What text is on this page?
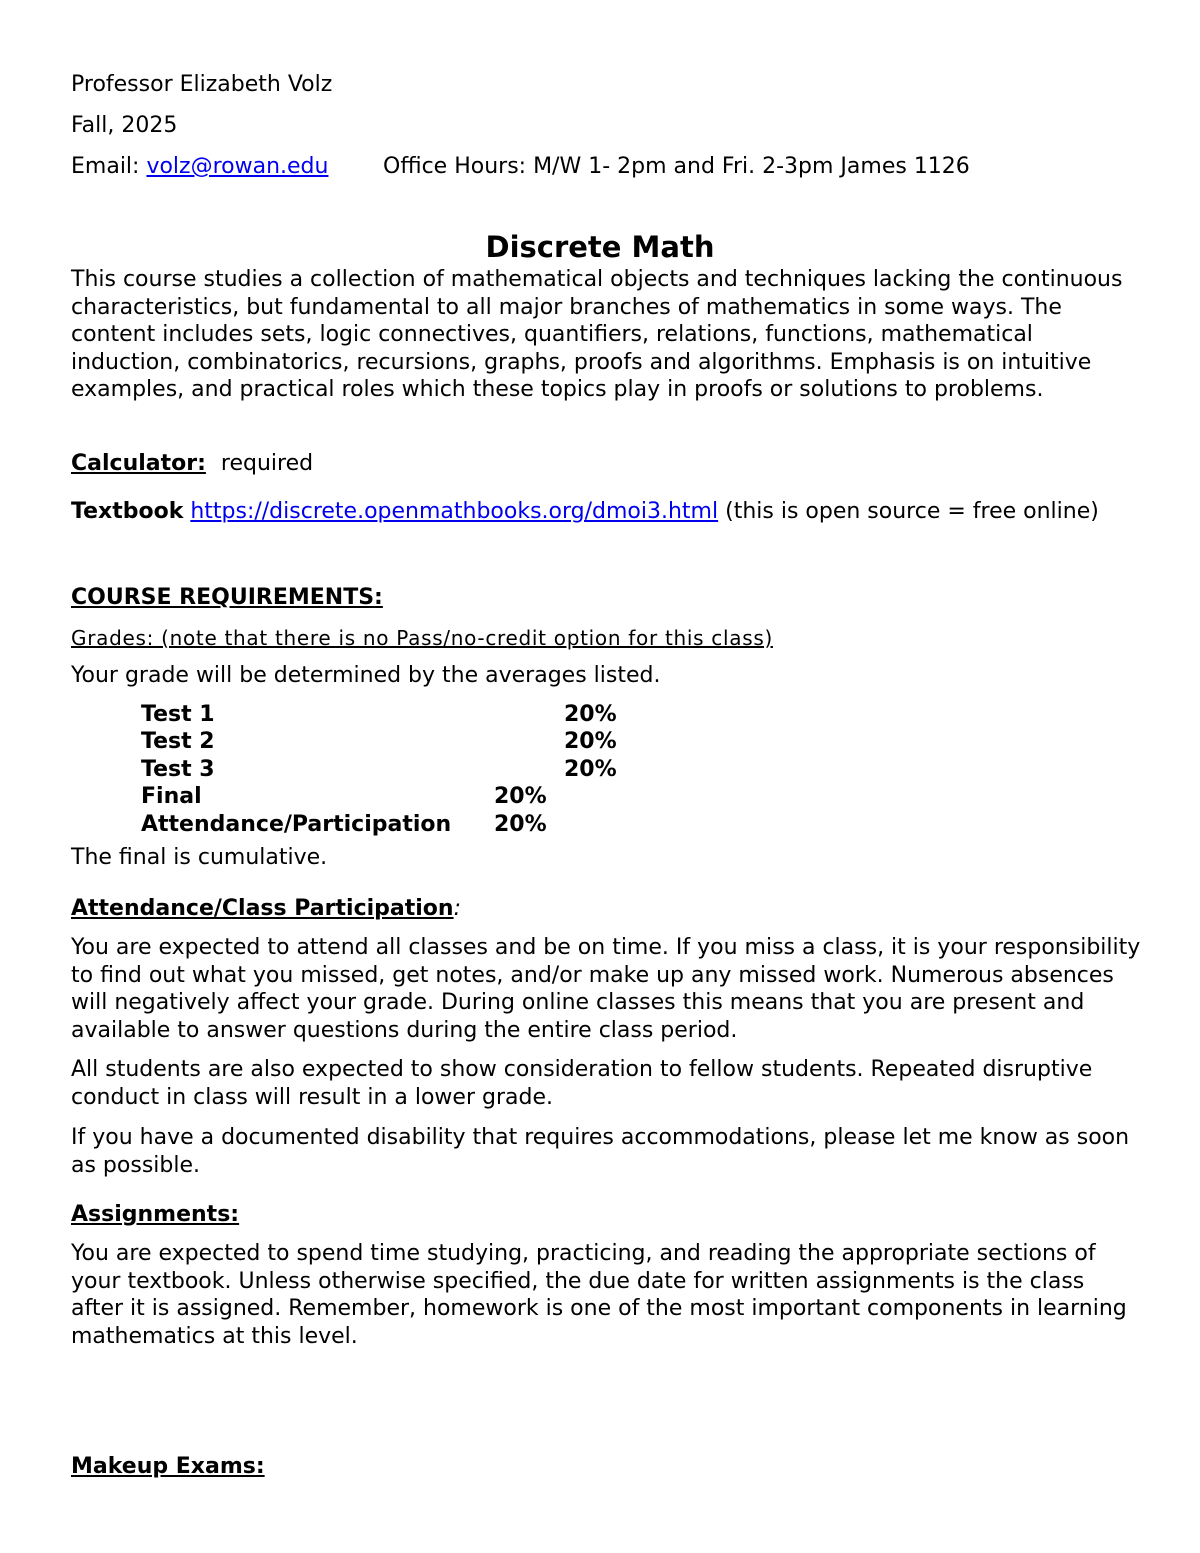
Professor Elizabeth Volz
Fall, 2025
Email: volz@rowan.edu Office Hours: M/W 1- 2pm and Fri. 2-3pm James 1126
Discrete Math
This course studies a collection of mathematical objects and techniques lacking the continuous characteristics, but fundamental to all major branches of mathematics in some ways. The content includes sets, logic connectives, quantifiers, relations, functions, mathematical induction, combinatorics, recursions, graphs, proofs and algorithms. Emphasis is on intuitive examples, and practical roles which these topics play in proofs or solutions to problems.
Calculator: required
Textbook https://discrete.openmathbooks.org/dmoi3.html (this is open source = free online)
COURSE REQUIREMENTS:
Grades: (note that there is no Pass/no-credit option for this class)
Your grade will be determined by the averages listed.
Test 1	20%
Test 2	20%
Test 3	20%
Final	20%
Attendance/Participation 20%
The final is cumulative.
Attendance/Class Participation:
You are expected to attend all classes and be on time. If you miss a class, it is your responsibility to find out what you missed, get notes, and/or make up any missed work. Numerous absences will negatively affect your grade. During online classes this means that you are present and available to answer questions during the entire class period.
All students are also expected to show consideration to fellow students. Repeated disruptive conduct in class will result in a lower grade.
If you have a documented disability that requires accommodations, please let me know as soon as possible.
Assignments:
You are expected to spend time studying, practicing, and reading the appropriate sections of your textbook. Unless otherwise specified, the due date for written assignments is the class after it is assigned. Remember, homework is one of the most important components in learning mathematics at this level.
Makeup Exams:
